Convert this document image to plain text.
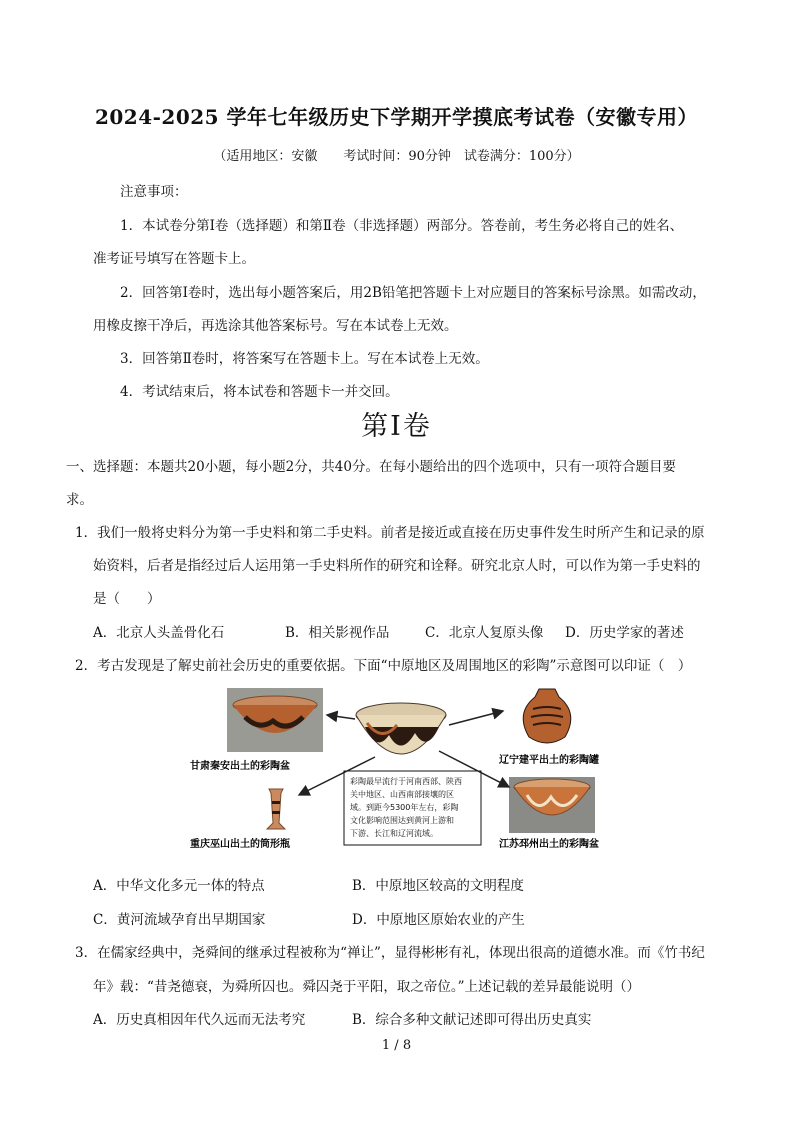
2024-2025 学年七年级历史下学期开学摸底考试卷（安徽专用）
（适用地区：安徽　　考试时间：90分钟　试卷满分：100分）
注意事项：
1．本试卷分第Ⅰ卷（选择题）和第Ⅱ卷（非选择题）两部分。答卷前，考生务必将自己的姓名、
准考证号填写在答题卡上。
2．回答第Ⅰ卷时，选出每小题答案后，用2B铅笔把答题卡上对应题目的答案标号涂黑。如需改动，
用橡皮擦干净后，再选涂其他答案标号。写在本试卷上无效。
3．回答第Ⅱ卷时，将答案写在答题卡上。写在本试卷上无效。
4．考试结束后，将本试卷和答题卡一并交回。
第Ⅰ卷
一、选择题：本题共20小题，每小题2分，共40分。在每小题给出的四个选项中，只有一项符合题目要
求。
1．我们一般将史料分为第一手史料和第二手史料。前者是接近或直接在历史事件发生时所产生和记录的原
始资料，后者是指经过后人运用第一手史料所作的研究和诠释。研究北京人时，可以作为第一手史料的
是（　　）
A．北京人头盖骨化石	B．相关影视作品	C．北京人复原头像 D．历史学家的著述
2．考古发现是了解史前社会历史的重要依据。下面“中原地区及周围地区的彩陶”示意图可以印证（　）
甘肃秦安出土的彩陶盆
辽宁建平出土的彩陶罐
重庆巫山出土的筒形瓶	江苏邳州出土的彩陶盆
彩陶最早流行于河南西部、陕西
关中地区、山西南部接壤的区
域。到距今5300年左右，彩陶
文化影响范围达到黄河上游和
下游、长江和辽河流域。
A．中华文化多元一体的特点	B．中原地区较高的文明程度
C．黄河流域孕育出早期国家	D．中原地区原始农业的产生
3．在儒家经典中，尧舜间的继承过程被称为“禅让”，显得彬彬有礼，体现出很高的道德水准。而《竹书纪
年》载：“昔尧德衰，为舜所囚也。舜囚尧于平阳，取之帝位。”上述记载的差异最能说明（）
A．历史真相因年代久远而无法考究	B．综合多种文献记述即可得出历史真实
1 / 8
